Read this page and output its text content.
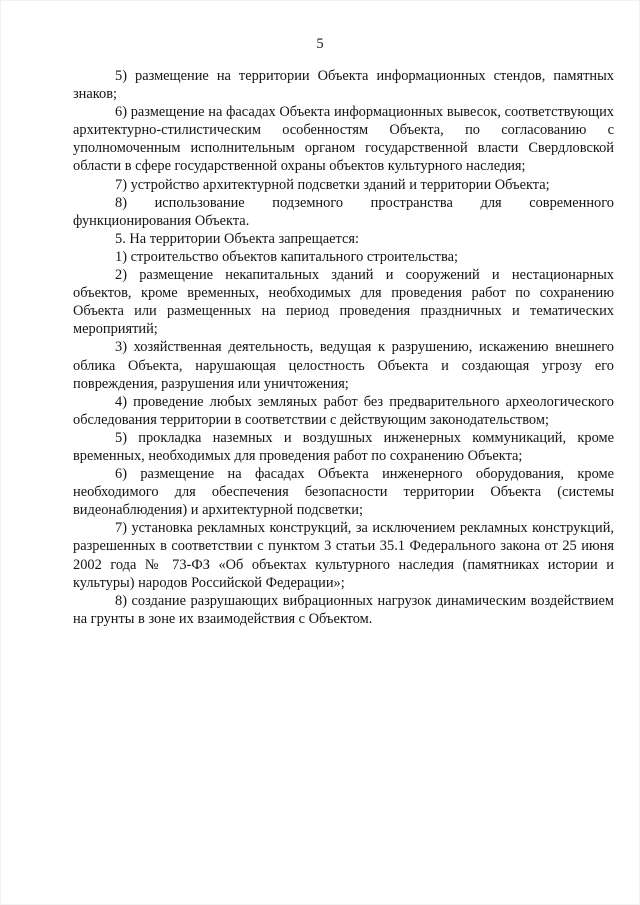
5

5) размещение на территории Объекта информационных стендов, памятных знаков;

6) размещение на фасадах Объекта информационных вывесок, соответствующих архитектурно-стилистическим особенностям Объекта, по согласованию с уполномоченным исполнительным органом государственной власти Свердловской области в сфере государственной охраны объектов культурного наследия;

7) устройство архитектурной подсветки зданий и территории Объекта;

8) использование подземного пространства для современного функционирования Объекта.

5. На территории Объекта запрещается:

1) строительство объектов капитального строительства;

2) размещение некапитальных зданий и сооружений и нестационарных объектов, кроме временных, необходимых для проведения работ по сохранению Объекта или размещенных на период проведения праздничных и тематических мероприятий;

3) хозяйственная деятельность, ведущая к разрушению, искажению внешнего облика Объекта, нарушающая целостность Объекта и создающая угрозу его повреждения, разрушения или уничтожения;

4) проведение любых земляных работ без предварительного археологического обследования территории в соответствии с действующим законодательством;

5) прокладка наземных и воздушных инженерных коммуникаций, кроме временных, необходимых для проведения работ по сохранению Объекта;

6) размещение на фасадах Объекта инженерного оборудования, кроме необходимого для обеспечения безопасности территории Объекта (системы видеонаблюдения) и архитектурной подсветки;

7) установка рекламных конструкций, за исключением рекламных конструкций, разрешенных в соответствии с пунктом 3 статьи 35.1 Федерального закона от 25 июня 2002 года № 73-ФЗ «Об объектах культурного наследия (памятниках истории и культуры) народов Российской Федерации»;

8) создание разрушающих вибрационных нагрузок динамическим воздействием на грунты в зоне их взаимодействия с Объектом.
